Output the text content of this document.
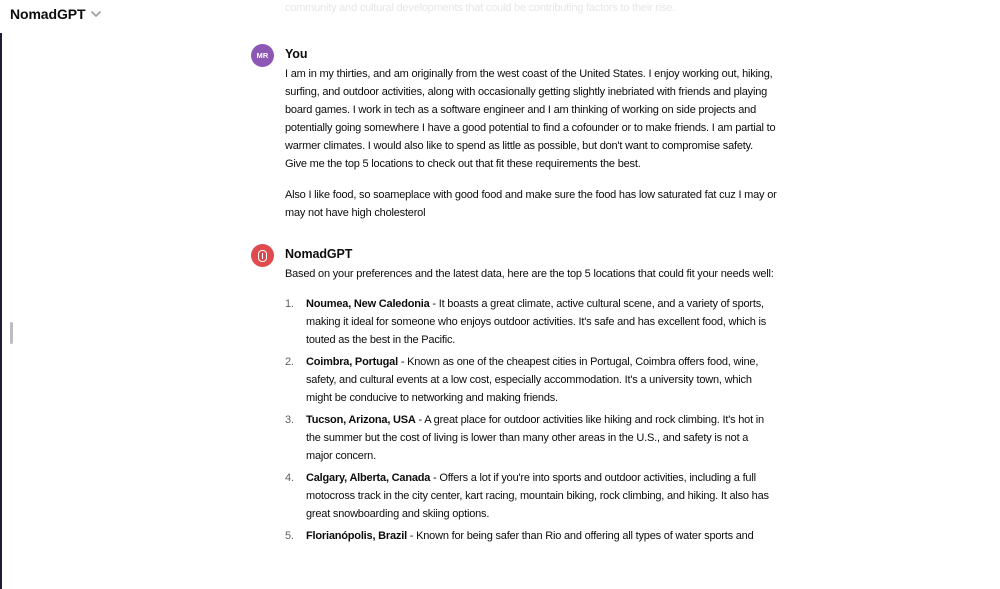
NomadGPT	community and cultural developments that could be contributing factors to their rise.
MR You

I am in my thirties, and am originally from the west coast of the United States. I enjoy working out, hiking, surfing, and outdoor activities, along with occasionally getting slightly inebriated with friends and playing board games. I work in tech as a software engineer and I am thinking of working on side projects and potentially going somewhere I have a good potential to find a cofounder or to make friends. I am partial to warmer climates. I would also like to spend as little as possible, but don't want to compromise safety. Give me the top 5 locations to check out that fit these requirements the best.

Also I like food, so soameplace with good food and make sure the food has low saturated fat cuz I may or may not have high cholesterol

NomadGPT

Based on your preferences and the latest data, here are the top 5 locations that could fit your needs well:

1.	Noumea, New Caledonia - It boasts a great climate, active cultural scene, and a variety of sports, making it ideal for someone who enjoys outdoor activities. It's safe and has excellent food, which is touted as the best in the Pacific.
2.	Coimbra, Portugal - Known as one of the cheapest cities in Portugal, Coimbra offers food, wine, safety, and cultural events at a low cost, especially accommodation. It's a university town, which might be conducive to networking and making friends.
3.	Tucson, Arizona, USA - A great place for outdoor activities like hiking and rock climbing. It's hot in the summer but the cost of living is lower than many other areas in the U.S., and safety is not a major concern.
4.	Calgary, Alberta, Canada - Offers a lot if you're into sports and outdoor activities, including a full motocross track in the city center, kart racing, mountain biking, rock climbing, and hiking. It also has great snowboarding and skiing options.
5.	Florianópolis, Brazil - Known for being safer than Rio and offering all types of water sports and
